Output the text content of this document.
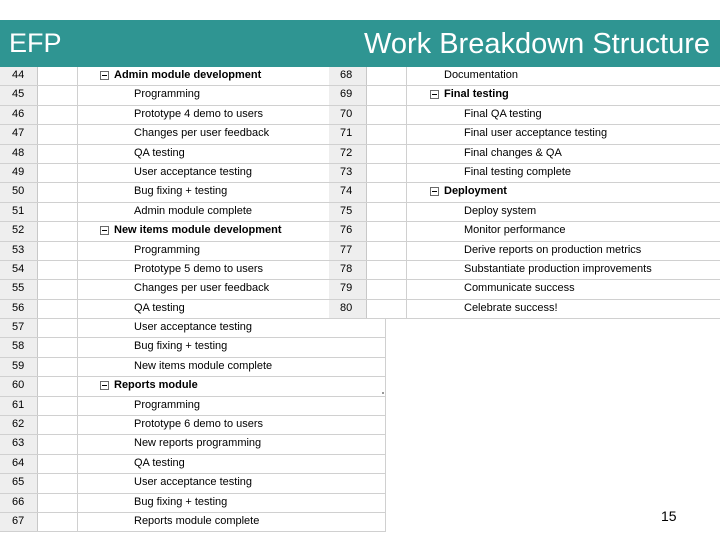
EFP	Work Breakdown Structure
44	Admin module development
45	Programming
46	Prototype 4 demo to users
47	Changes per user feedback
48	QA testing
49	User acceptance testing
50	Bug fixing + testing
51	Admin module complete
52	New items module development
53	Programming
54	Prototype 5 demo to users
55	Changes per user feedback
56	QA testing
57	User acceptance testing
58	Bug fixing + testing
59	New items module complete
60	Reports module
61	Programming
62	Prototype 6 demo to users
63	New reports programming
64	QA testing
65	User acceptance testing
66	Bug fixing + testing
67	Reports module complete
68	Documentation
69	Final testing
70	Final QA testing
71	Final user acceptance testing
72	Final changes & QA
73	Final testing complete
74	Deployment
75	Deploy system
76	Monitor performance
77	Derive reports on production metrics
78	Substantiate production improvements
79	Communicate success
80	Celebrate success!
15
